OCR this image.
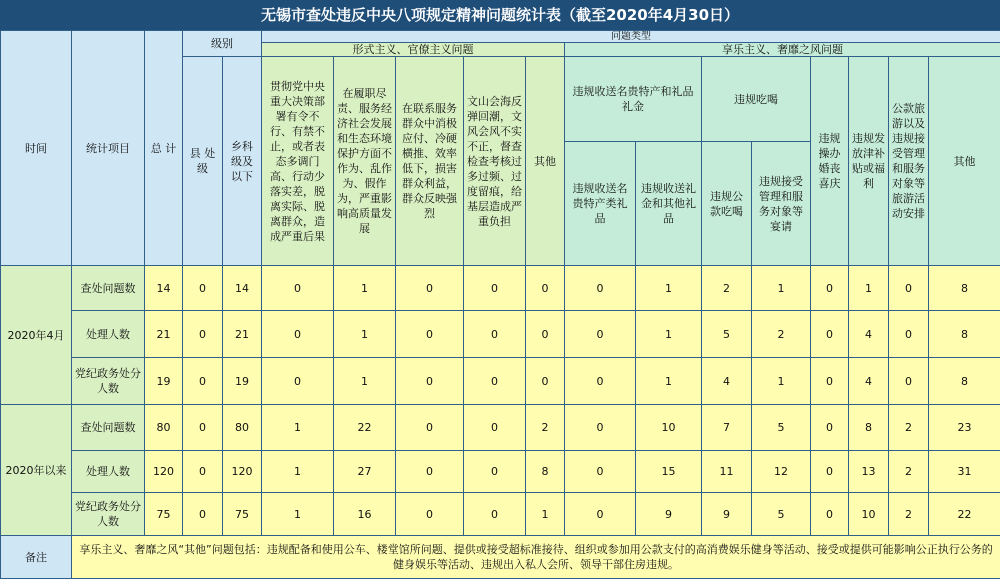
无锡市查处违反中央八项规定精神问题统计表（截至2020年4月30日）
时间	统计项目	总 计	级别		问题类型												
					形式主义、官僚主义问题					享乐主义、奢靡之风问题							
			县 处 级	乡科级及以下	贯彻党中央重大决策部署有令不行、有禁不止，或者表态多调门高、行动少落实差，脱离实际、脱离群众，造成严重后果	在履职尽责、服务经济社会发展和生态环境保护方面不作为、乱作为、假作为，严重影响高质量发展	在联系服务群众中消极应付、冷硬横推、效率低下，损害群众利益，群众反映强烈	文山会海反弹回潮，文风会风不实不正，督查检查考核过多过频、过度留痕，给基层造成严重负担	其他	违规收送名贵特产和礼品礼金		违规吃喝		违规操办婚丧喜庆	违规发放津补贴或福利	公款旅游以及违规接受管理和服务对象等旅游活动安排	其他
										违规收送名贵特产类礼品	违规收送礼金和其他礼品	违规公款吃喝	违规接受管理和服务对象等宴请				
2020年4月	查处问题数	14	0	14	0	1	0	0	0	0	1	2	1	0	1	0	8
	处理人数	21	0	21	0	1	0	0	0	0	1	5	2	0	4	0	8
	党纪政务处分人数	19	0	19	0	1	0	0	0	0	1	4	1	0	4	0	8
2020年以来	查处问题数	80	0	80	1	22	0	0	2	0	10	7	5	0	8	2	23
	处理人数	120	0	120	1	27	0	0	8	0	15	11	12	0	13	2	31
	党纪政务处分人数	75	0	75	1	16	0	0	1	0	9	9	5	0	10	2	22
备注	享乐主义、奢靡之风“其他”问题包括：违规配备和使用公车、楼堂馆所问题、提供或接受超标准接待、组织或参加用公款支付的高消费娱乐健身等活动、接受或提供可能影响公正执行公务的健身娱乐等活动、违规出入私人会所、领导干部住房违规。																
